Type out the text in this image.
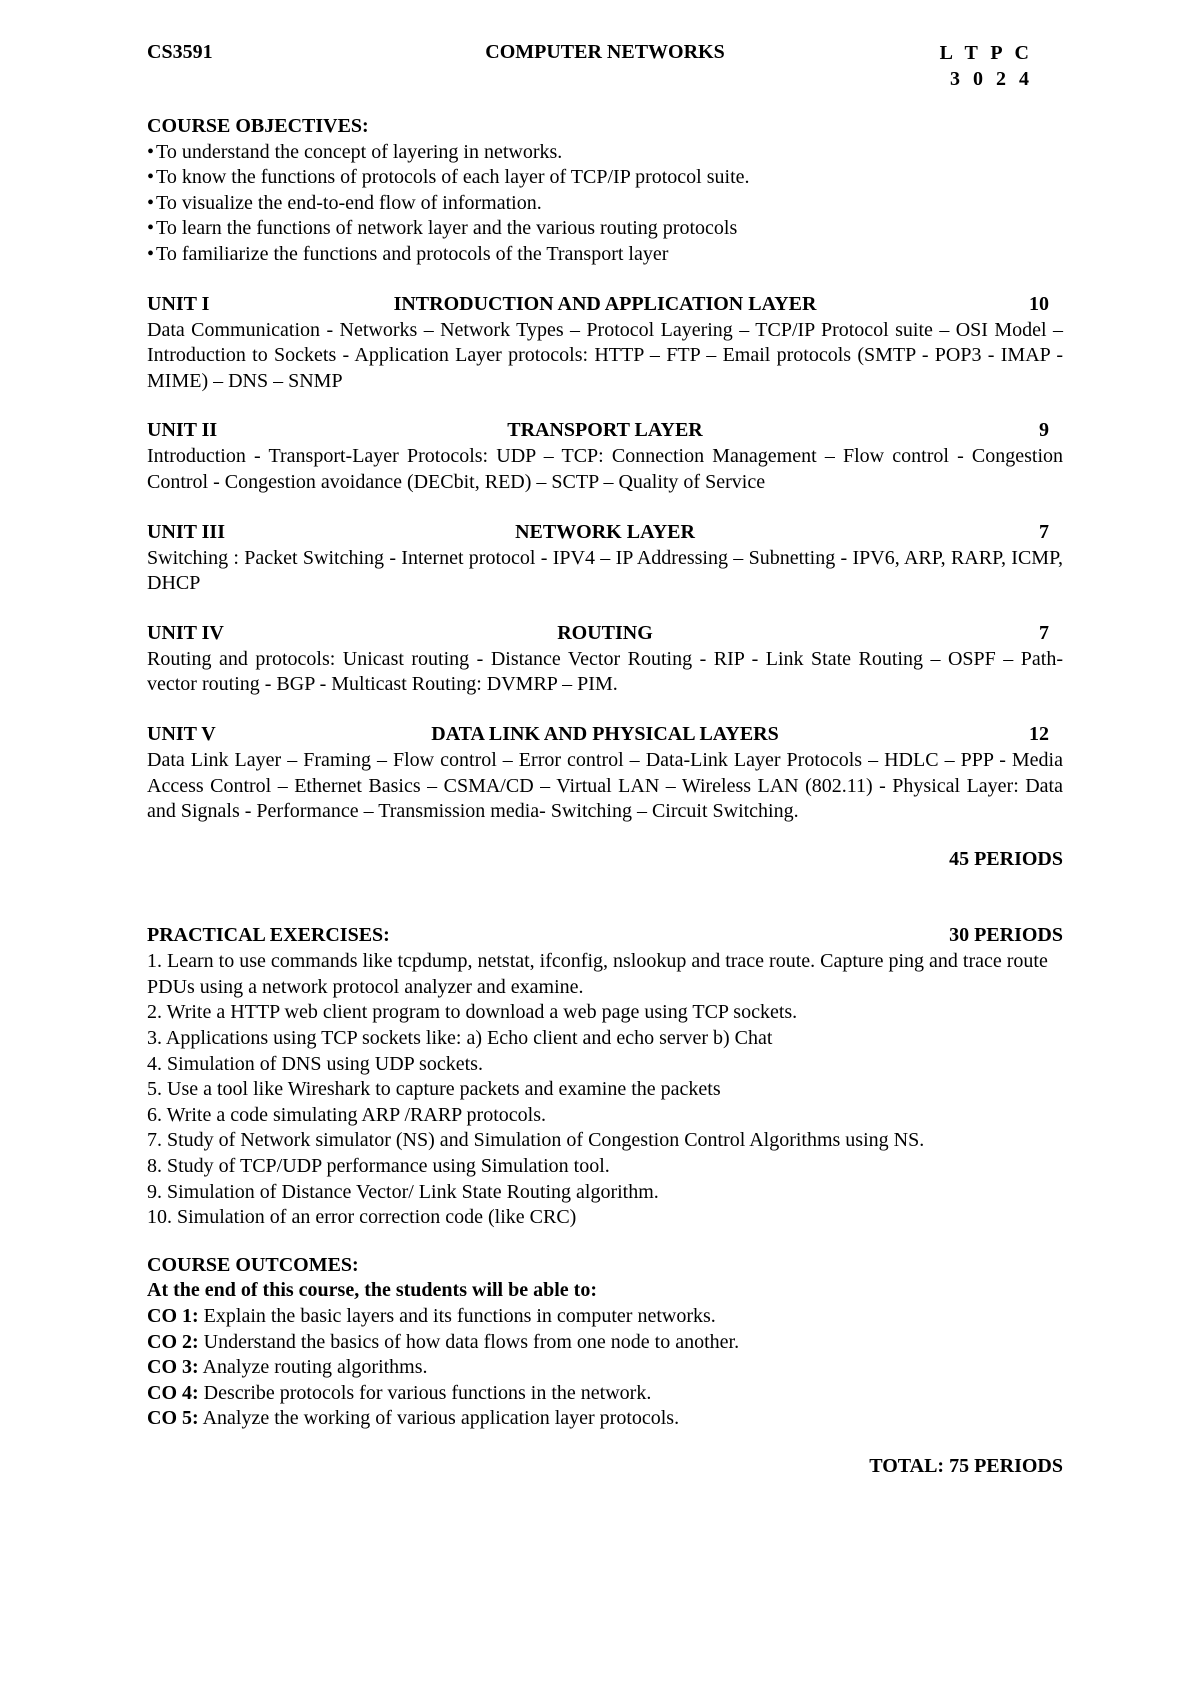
CS3591	COMPUTER NETWORKS	L T P C
3 0 2 4
COURSE OBJECTIVES:
• To understand the concept of layering in networks.
• To know the functions of protocols of each layer of TCP/IP protocol suite.
• To visualize the end-to-end flow of information.
• To learn the functions of network layer and the various routing protocols
• To familiarize the functions and protocols of the Transport layer
UNIT I	INTRODUCTION AND APPLICATION LAYER	10
Data Communication - Networks – Network Types – Protocol Layering – TCP/IP Protocol suite – OSI Model – Introduction to Sockets - Application Layer protocols: HTTP – FTP – Email protocols (SMTP - POP3 - IMAP - MIME) – DNS – SNMP
UNIT II	TRANSPORT LAYER	9
Introduction - Transport-Layer Protocols: UDP – TCP: Connection Management – Flow control - Congestion Control - Congestion avoidance (DECbit, RED) – SCTP – Quality of Service
UNIT III	NETWORK LAYER	7
Switching : Packet Switching - Internet protocol - IPV4 – IP Addressing – Subnetting - IPV6, ARP, RARP, ICMP, DHCP
UNIT IV	ROUTING	7
Routing and protocols: Unicast routing - Distance Vector Routing - RIP - Link State Routing – OSPF – Path-vector routing - BGP - Multicast Routing: DVMRP – PIM.
UNIT V	DATA LINK AND PHYSICAL LAYERS	12
Data Link Layer – Framing – Flow control – Error control – Data-Link Layer Protocols – HDLC – PPP - Media Access Control – Ethernet Basics – CSMA/CD – Virtual LAN – Wireless LAN (802.11) - Physical Layer: Data and Signals - Performance – Transmission media- Switching – Circuit Switching.
45 PERIODS
PRACTICAL EXERCISES:	30 PERIODS
1. Learn to use commands like tcpdump, netstat, ifconfig, nslookup and trace route. Capture ping and trace route PDUs using a network protocol analyzer and examine.
2. Write a HTTP web client program to download a web page using TCP sockets.
3. Applications using TCP sockets like: a) Echo client and echo server b) Chat
4. Simulation of DNS using UDP sockets.
5. Use a tool like Wireshark to capture packets and examine the packets
6. Write a code simulating ARP /RARP protocols.
7. Study of Network simulator (NS) and Simulation of Congestion Control Algorithms using NS.
8. Study of TCP/UDP performance using Simulation tool.
9. Simulation of Distance Vector/ Link State Routing algorithm.
10. Simulation of an error correction code (like CRC)
COURSE OUTCOMES:
At the end of this course, the students will be able to:
CO 1: Explain the basic layers and its functions in computer networks.
CO 2: Understand the basics of how data flows from one node to another.
CO 3: Analyze routing algorithms.
CO 4: Describe protocols for various functions in the network.
CO 5: Analyze the working of various application layer protocols.
TOTAL: 75 PERIODS
